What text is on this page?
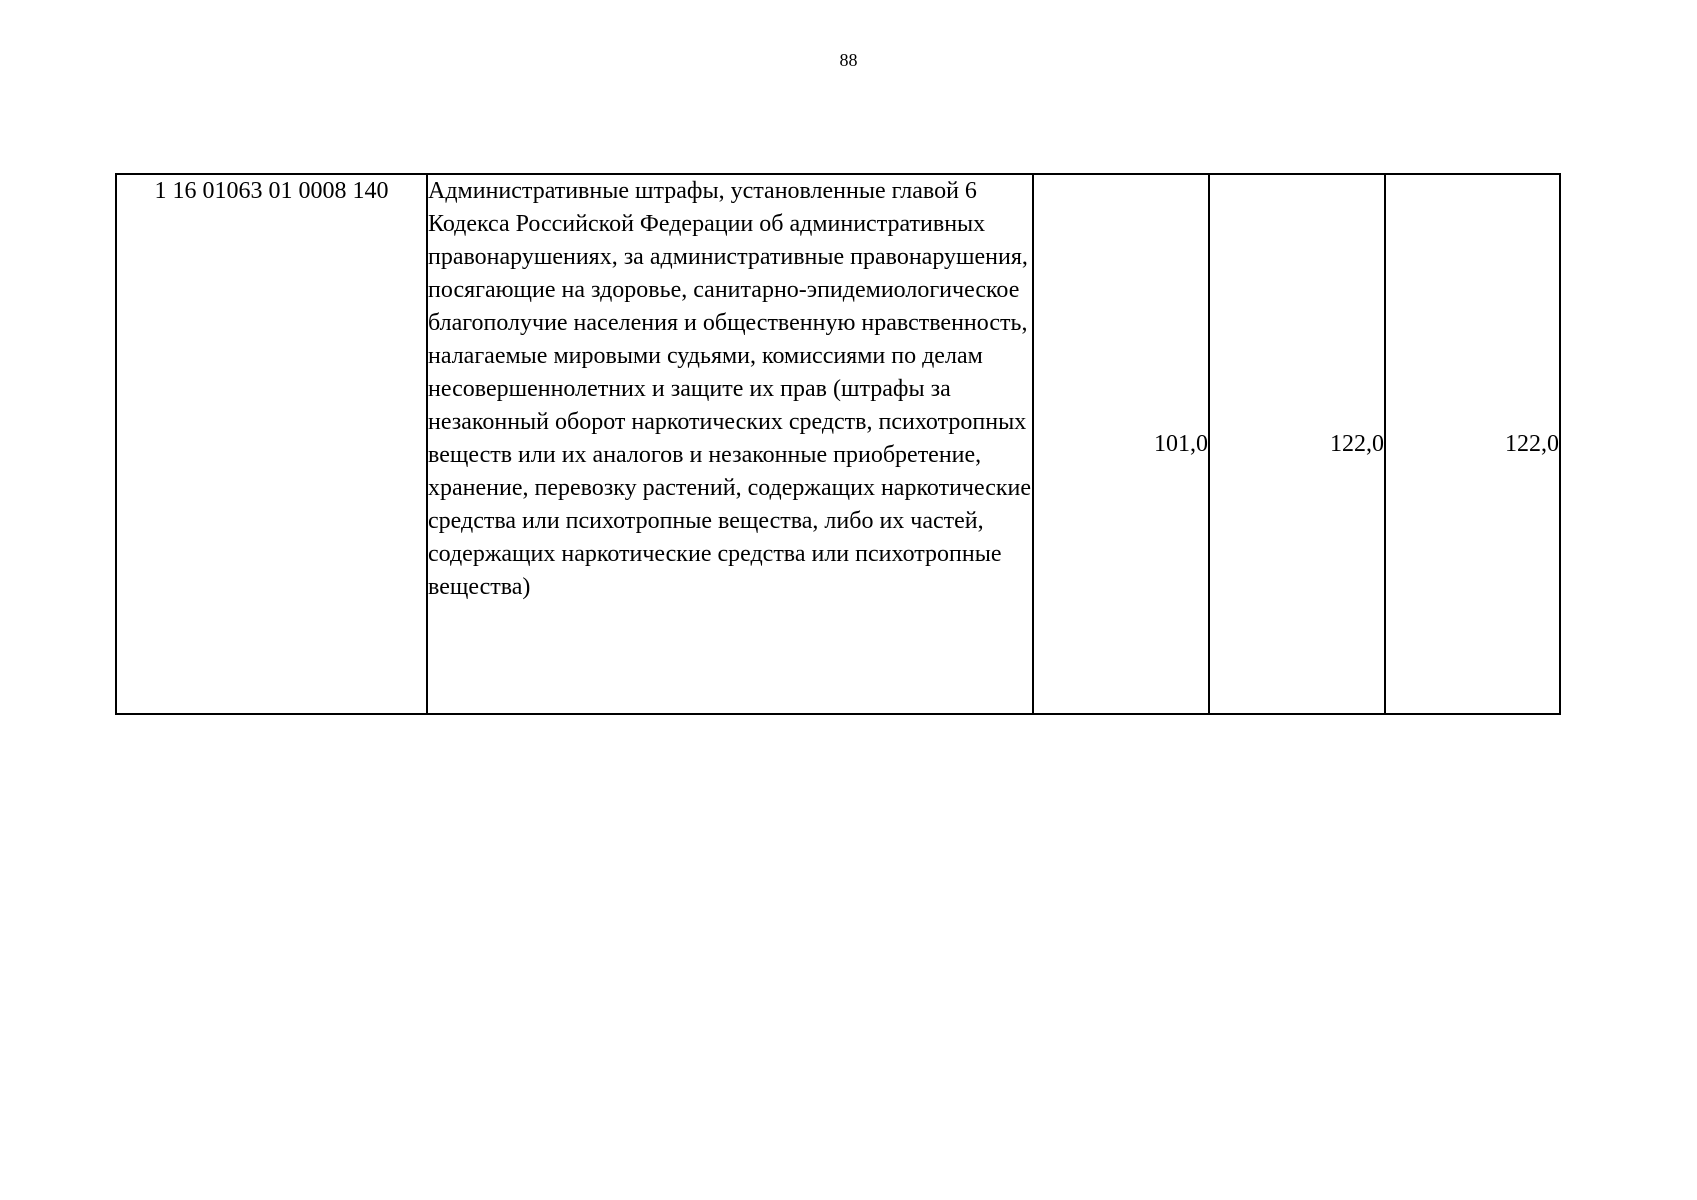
88
1 16 01063 01 0008 140	Административные штрафы, установленные главой 6 Кодекса Российской Федерации об административных правонарушениях, за административные правонарушения, посягающие на здоровье, санитарно-эпидемиологическое благополучие населения и общественную нравственность, налагаемые мировыми судьями, комиссиями по делам несовершеннолетних и защите их прав (штрафы за незаконный оборот наркотических средств, психотропных веществ или их аналогов и незаконные приобретение, хранение, перевозку растений, содержащих наркотические средства или психотропные вещества, либо их частей, содержащих наркотические средства или психотропные вещества)	101,0	122,0	122,0
